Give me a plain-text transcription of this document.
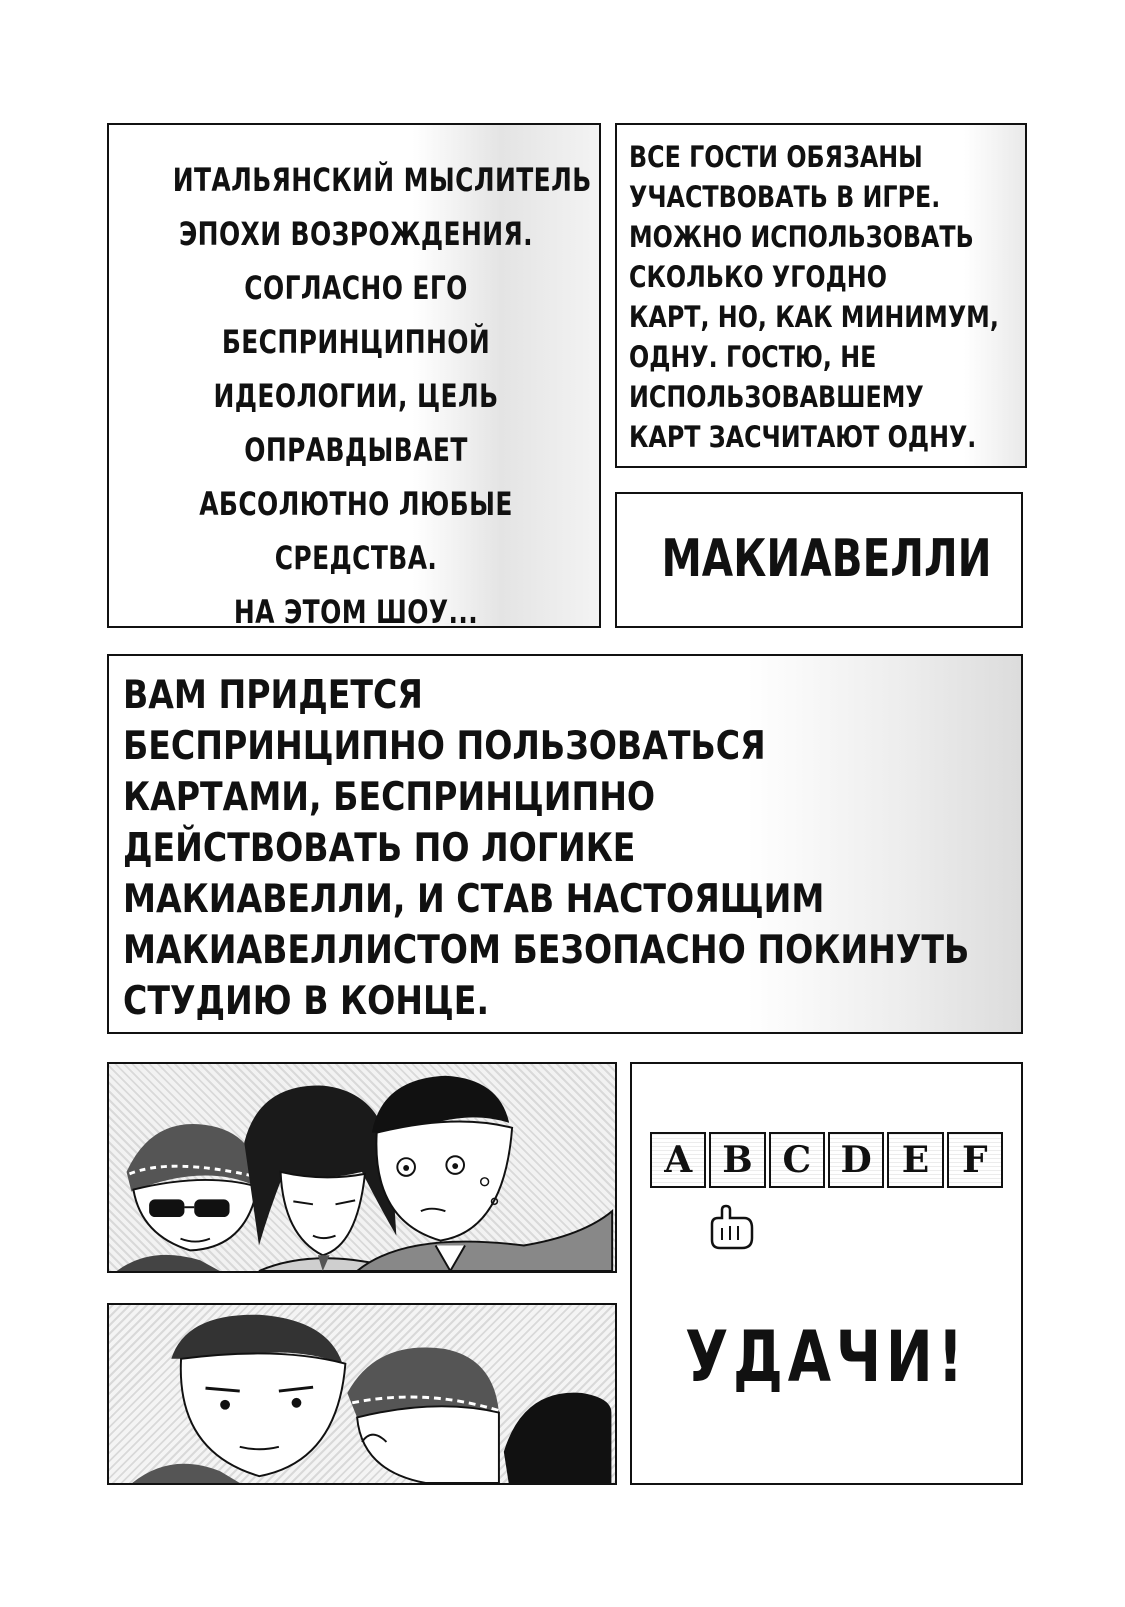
ИТАЛЬЯНСКИЙ МЫСЛИТЕЛЬ
ЭПОХИ ВОЗРОЖДЕНИЯ.
СОГЛАСНО ЕГО
БЕСПРИНЦИПНОЙ
ИДЕОЛОГИИ, ЦЕЛЬ
ОПРАВДЫВАЕТ
АБСОЛЮТНО ЛЮБЫЕ
СРЕДСТВА.
НА ЭТОМ ШОУ...
ВСЕ ГОСТИ ОБЯЗАНЫ
УЧАСТВОВАТЬ В ИГРЕ.
МОЖНО ИСПОЛЬЗОВАТЬ
СКОЛЬКО УГОДНО
КАРТ, НО, КАК МИНИМУМ,
ОДНУ. ГОСТЮ, НЕ
ИСПОЛЬЗОВАВШЕМУ
КАРТ ЗАСЧИТАЮТ ОДНУ.
МАКИАВЕЛЛИ
ВАМ ПРИДЕТСЯ
БЕСПРИНЦИПНО ПОЛЬЗОВАТЬСЯ
КАРТАМИ, БЕСПРИНЦИПНО
ДЕЙСТВОВАТЬ ПО ЛОГИКЕ
МАКИАВЕЛЛИ, И СТАВ НАСТОЯЩИМ
МАКИАВЕЛЛИСТОМ БЕЗОПАСНО ПОКИНУТЬ
СТУДИЮ В КОНЦЕ.
A B C D E F
УДАЧИ!
